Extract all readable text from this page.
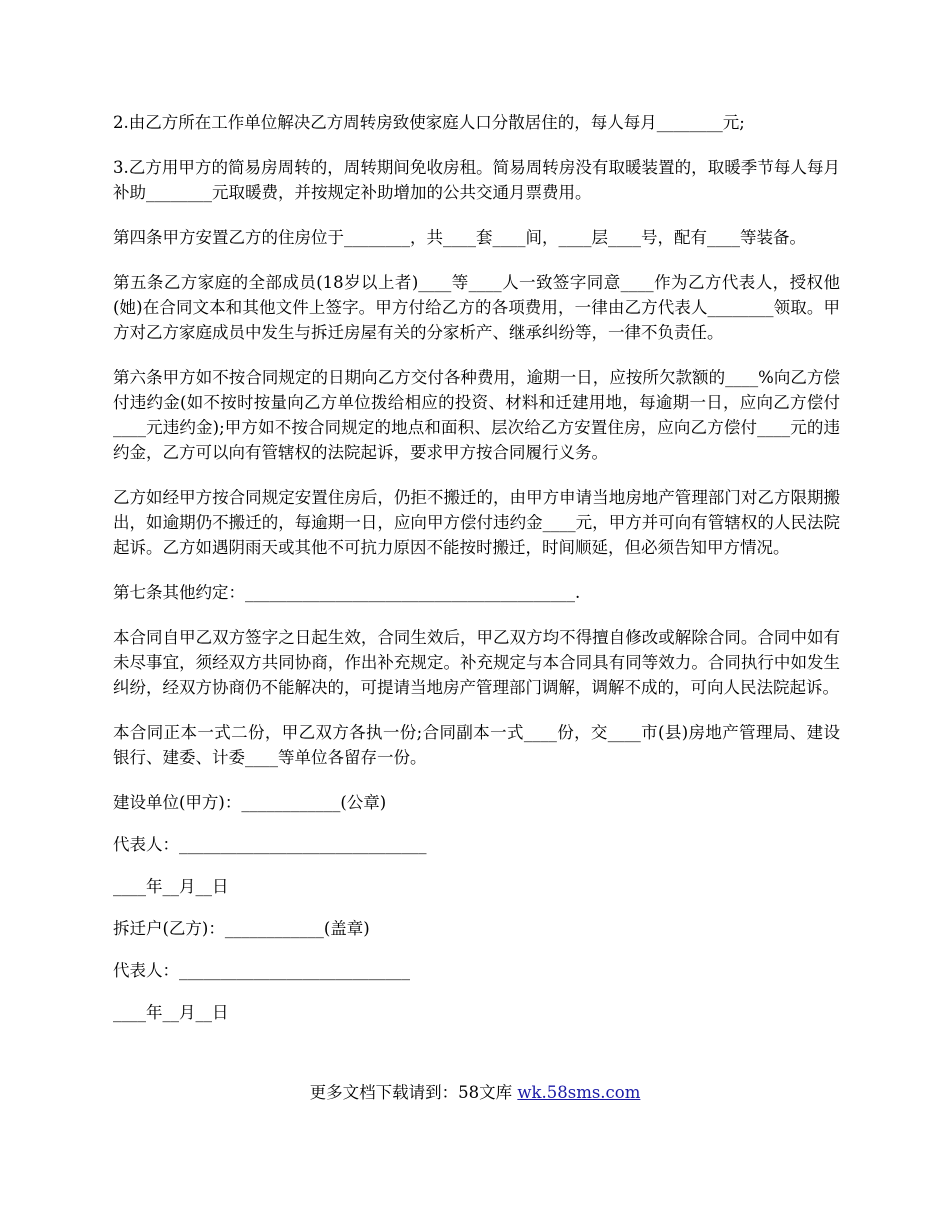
2.由乙方所在工作单位解决乙方周转房致使家庭人口分散居住的，每人每月________元;

3.乙方用甲方的简易房周转的，周转期间免收房租。简易周转房没有取暖装置的，取暖季节每人每月补助________元取暖费，并按规定补助增加的公共交通月票费用。

第四条甲方安置乙方的住房位于________，共____套____间，____层____号，配有____等装备。

第五条乙方家庭的全部成员(18岁以上者)____等____人一致签字同意____作为乙方代表人，授权他(她)在合同文本和其他文件上签字。甲方付给乙方的各项费用，一律由乙方代表人________领取。甲方对乙方家庭成员中发生与拆迁房屋有关的分家析产、继承纠纷等，一律不负责任。

第六条甲方如不按合同规定的日期向乙方交付各种费用，逾期一日，应按所欠款额的____%向乙方偿付违约金(如不按时按量向乙方单位拨给相应的投资、材料和迁建用地，每逾期一日，应向乙方偿付____元违约金);甲方如不按合同规定的地点和面积、层次给乙方安置住房，应向乙方偿付____元的违约金，乙方可以向有管辖权的法院起诉，要求甲方按合同履行义务。

乙方如经甲方按合同规定安置住房后，仍拒不搬迁的，由甲方申请当地房地产管理部门对乙方限期搬出，如逾期仍不搬迁的，每逾期一日，应向甲方偿付违约金____元，甲方并可向有管辖权的人民法院起诉。乙方如遇阴雨天或其他不可抗力原因不能按时搬迁，时间顺延，但必须告知甲方情况。

第七条其他约定：________________________________________.

本合同自甲乙双方签字之日起生效，合同生效后，甲乙双方均不得擅自修改或解除合同。合同中如有未尽事宜，须经双方共同协商，作出补充规定。补充规定与本合同具有同等效力。合同执行中如发生纠纷，经双方协商仍不能解决的，可提请当地房产管理部门调解，调解不成的，可向人民法院起诉。

本合同正本一式二份，甲乙双方各执一份;合同副本一式____份，交____市(县)房地产管理局、建设银行、建委、计委____等单位各留存一份。

建设单位(甲方)：____________(公章)

代表人：______________________________

____年__月__日

拆迁户(乙方)：____________(盖章)

代表人：____________________________

____年__月__日

更多文档下载请到：58文库 wk.58sms.com
